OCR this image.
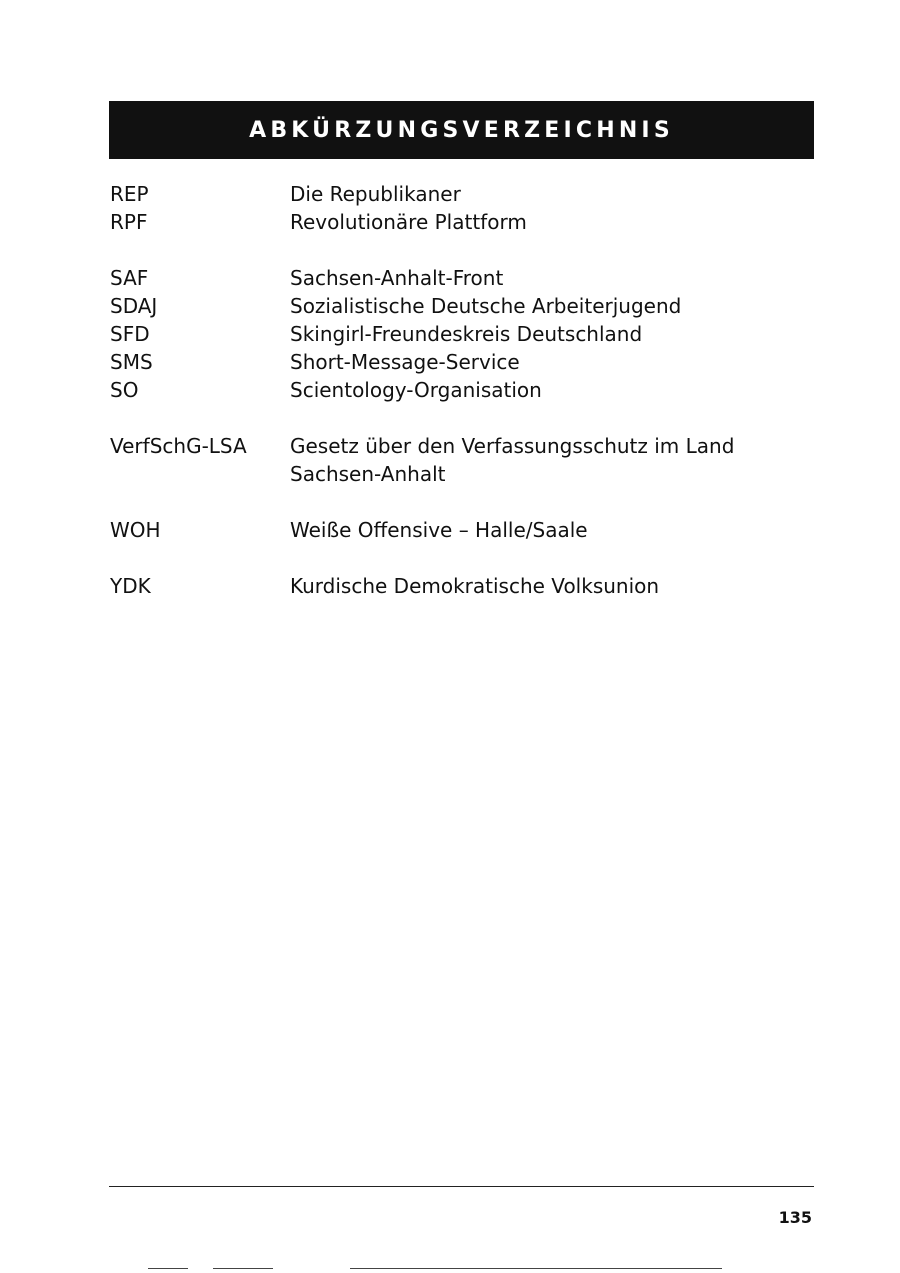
ABKÜRZUNGSVERZEICHNIS
REP	Die Republikaner
RPF	Revolutionäre Plattform
SAF	Sachsen-Anhalt-Front
SDAJ	Sozialistische Deutsche Arbeiterjugend
SFD	Skingirl-Freundeskreis Deutschland
SMS	Short-Message-Service
SO	Scientology-Organisation
VerfSchG-LSA	Gesetz über den Verfassungsschutz im Land
Sachsen-Anhalt
WOH	Weiße Offensive – Halle/Saale
YDK	Kurdische Demokratische Volksunion
135
